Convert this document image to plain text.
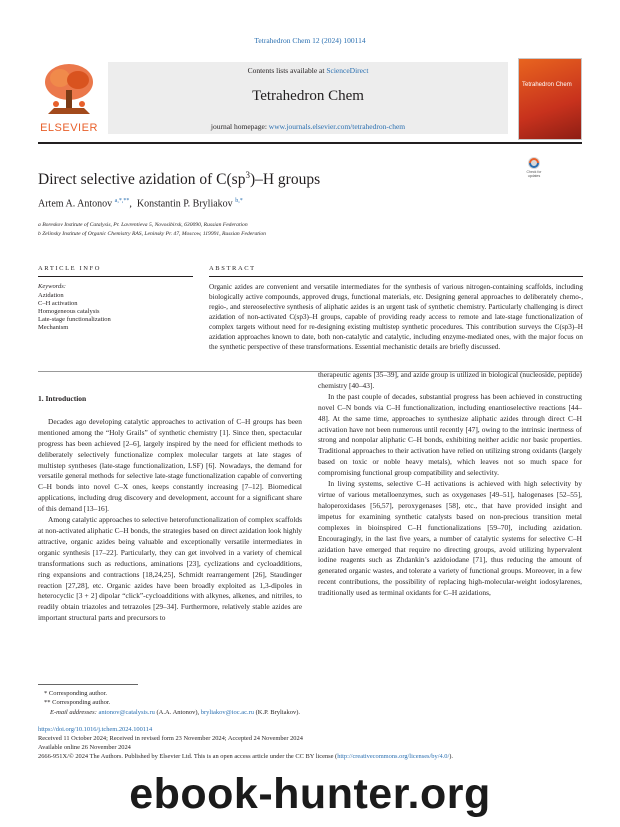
Tetrahedron Chem 12 (2024) 100114
ELSEVIER
Contents lists available at ScienceDirect
Tetrahedron Chem
journal homepage: www.journals.elsevier.com/tetrahedron-chem
Tetrahedron Chem
Direct selective azidation of $C(sp^3)-H$ groups	Check for updates
Artem A. Antonov $^{a,*,**}$,  Konstantin P. Bryliakov $^{b,*}$
a Boreskov Institute of Catalysis, Pr. Lavrentieva 5, Novosibirsk, 630090, Russian Federation
b Zelinsky Institute of Organic Chemistry RAS, Leninsky Pr. 47, Moscow, 119991, Russian Federation
ARTICLE INFO	ABSTRACT
Keywords:
Azidation
C–H activation
Homogeneous catalysis
Late-stage functionalization
Mechanism
Organic azides are convenient and versatile intermediates for the synthesis of various nitrogen-containing scaffolds, including biologically active compounds, approved drugs, functional materials, etc. Designing general approaches to deliberately chemo-, regio-, and stereoselective synthesis of aliphatic azides is an urgent task of synthetic chemistry. Particularly challenging is direct azidation of non-activated C(sp3)–H groups, capable of providing ready access to remote and late-stage functionalization of complex targets without need for re-designing existing multistep synthetic procedures. This contribution surveys the C(sp3)–H azidation approaches known to date, both non-catalytic and catalytic, including enzyme-mediated ones, with the major focus on the synthetic perspective of these transformations. Essential mechanistic details are briefly discussed.
1. Introduction

Decades ago developing catalytic approaches to activation of C–H groups has been mentioned among the “Holy Grails” of synthetic chemistry [1]. Since then, spectacular progress has been achieved [2–6], largely inspired by the need for efficient methods to deliberately selectively functionalize complex molecular targets at late stages of multistep syntheses (late-stage functionalization, LSF) [6]. Nowadays, the demand for versatile general methods for selective late-stage functionalization capable of converting C–H bonds into novel C–X ones, keeps constantly increasing [7–12]. Biomedical applications, including drug discovery and development, account for a significant share of this demand [13–16].

Among catalytic approaches to selective heterofunctionalization of complex scaffolds at non-activated aliphatic C–H bonds, the strategies based on direct azidation look highly attractive, organic azides being valuable and exceptionally versatile intermediates in organic synthesis [17–22]. Particularly, they can get involved in a variety of chemical transformations such as reductions, aminations [23], cyclizations and cycloadditions, ring expansions and contractions [18,24,25], Schmidt rearrangement [26], Staudinger reaction [27,28], etc. Organic azides have been broadly exploited as 1,3-dipoles in heterocyclic [3 + 2] dipolar “click”-cycloadditions with alkynes, alkenes, and nitriles, to readily obtain triazoles and tetrazoles [29–34]. Furthermore, relatively stable azides are important structural parts and precursors to

therapeutic agents [35–39], and azide group is utilized in biological (nucleoside, peptide) chemistry [40–43].

In the past couple of decades, substantial progress has been achieved in constructing novel C–N bonds via C–H functionalization, including enantioselective reactions [44–48]. At the same time, approaches to synthesize aliphatic azides through direct C–H activation have not been numerous until recently [47], owing to the intrinsic inertness of strong and nonpolar aliphatic C–H bonds, exhibiting neither acidic nor basic properties. Traditional approaches to their activation have relied on utilizing strong oxidants (largely based on toxic or noble heavy metals), which leaves not so much space for compromising functional group compatibility and selectivity.

In living systems, selective C–H activations is achieved with high selectivity by virtue of various metalloenzymes, such as oxygenases [49–51], halogenases [52–55], haloperoxidases [56,57], peroxygenases [58], etc., that have provided insight and impetus for examining synthetic catalysts based on non-precious transition metal complexes in bioinspired C–H functionalizations [59–70], including azidation. Encouragingly, in the last five years, a number of catalytic systems for selective C–H azidation have emerged that require no directing groups, avoid utilizing hypervalent iodine reagents such as Zhdankin’s azidoiodane [71], thus reducing the amount of generated organic wastes, and tolerate a variety of functional groups. Moreover, in a few recent contributions, the possibility of replacing high-molecular-weight iodosylarenes, traditionally used as terminal oxidants for C–H azidations,

* Corresponding author.
** Corresponding author.
E-mail addresses: antonov@catalysis.ru (A.A. Antonov), bryliakov@ioc.ac.ru (K.P. Bryliakov).
https://doi.org/10.1016/j.tchem.2024.100114
Received 11 October 2024; Received in revised form 23 November 2024; Accepted 24 November 2024
Available online 26 November 2024
2666-951X/© 2024 The Authors. Published by Elsevier Ltd. This is an open access article under the CC BY license (http://creativecommons.org/licenses/by/4.0/).
ebook-hunter.org
